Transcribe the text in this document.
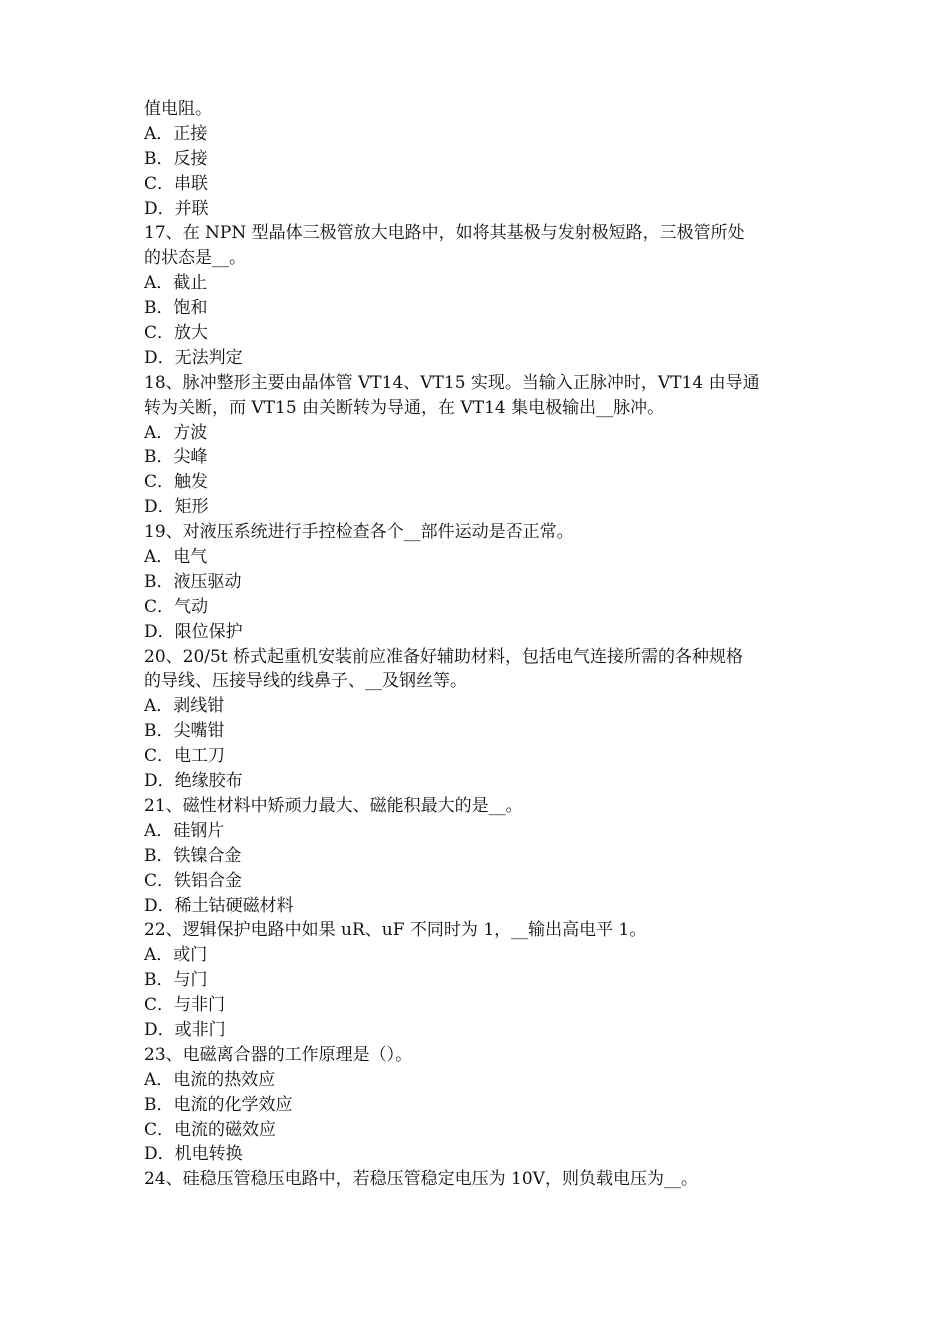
值电阻。
A．正接
B．反接
C．串联
D．并联
17、在 NPN 型晶体三极管放大电路中，如将其基极与发射极短路，三极管所处
的状态是__。
A．截止
B．饱和
C．放大
D．无法判定
18、脉冲整形主要由晶体管 VT14、VT15 实现。当输入正脉冲时，VT14 由导通
转为关断，而 VT15 由关断转为导通，在 VT14 集电极输出__脉冲。
A．方波
B．尖峰
C．触发
D．矩形
19、对液压系统进行手控检查各个__部件运动是否正常。
A．电气
B．液压驱动
C．气动
D．限位保护
20、20/5t 桥式起重机安装前应准备好辅助材料，包括电气连接所需的各种规格
的导线、压接导线的线鼻子、__及钢丝等。
A．剥线钳
B．尖嘴钳
C．电工刀
D．绝缘胶布
21、磁性材料中矫顽力最大、磁能积最大的是__。
A．硅钢片
B．铁镍合金
C．铁铝合金
D．稀土钴硬磁材料
22、逻辑保护电路中如果 uR、uF 不同时为 1，__输出高电平 1。
A．或门
B．与门
C．与非门
D．或非门
23、电磁离合器的工作原理是（）。
A．电流的热效应
B．电流的化学效应
C．电流的磁效应
D．机电转换
24、硅稳压管稳压电路中，若稳压管稳定电压为 10V，则负载电压为__。
